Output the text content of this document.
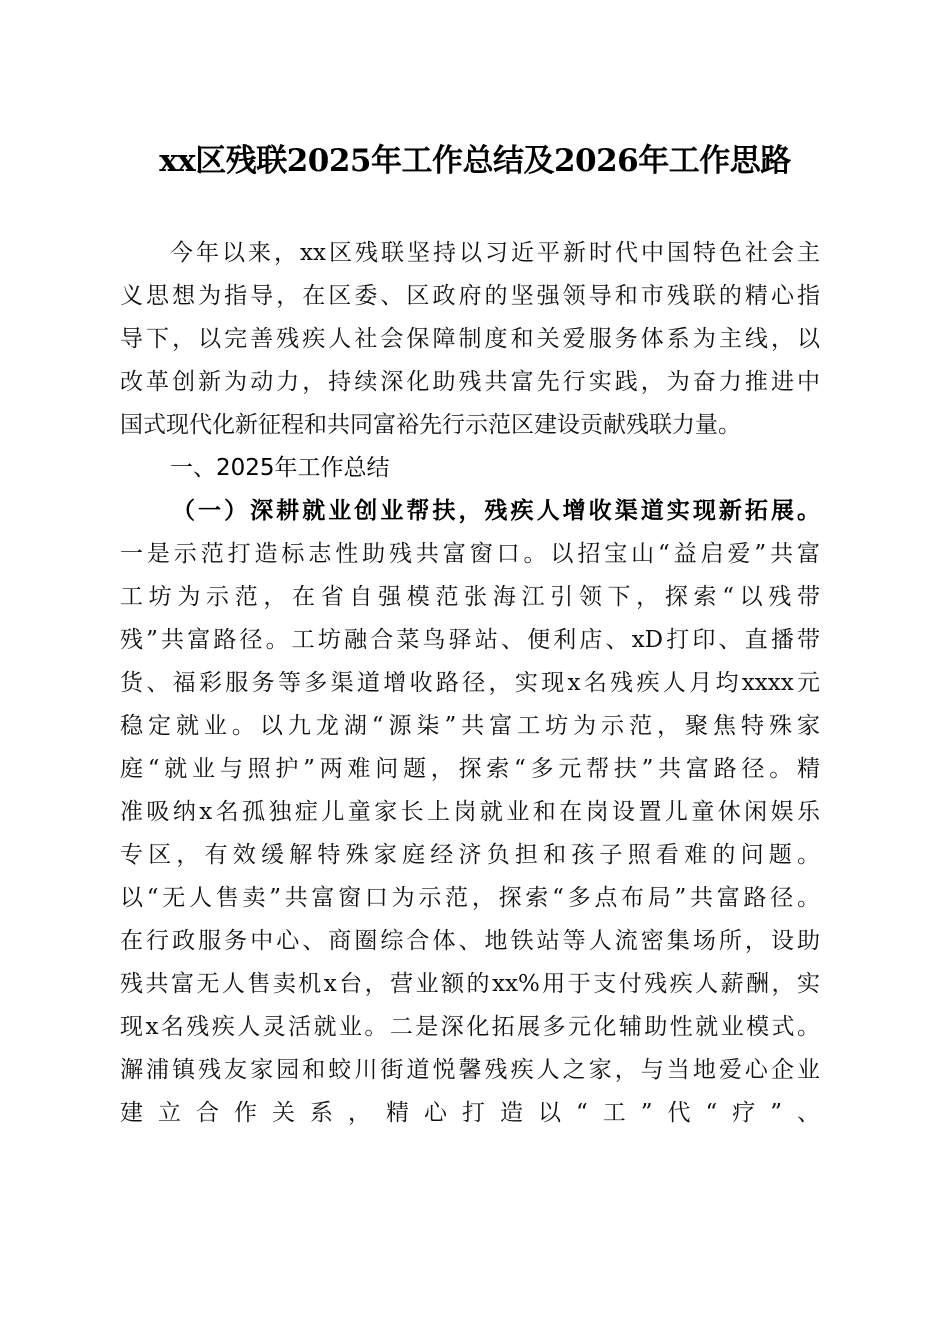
xx区残联2025年工作总结及2026年工作思路
今年以来，xx区残联坚持以习近平新时代中国特色社会主
义思想为指导，在区委、区政府的坚强领导和市残联的精心指
导下，以完善残疾人社会保障制度和关爱服务体系为主线，以
改革创新为动力，持续深化助残共富先行实践，为奋力推进中
国式现代化新征程和共同富裕先行示范区建设贡献残联力量。
一、2025年工作总结
（一）深耕就业创业帮扶，残疾人增收渠道实现新拓展。
一是示范打造标志性助残共富窗口。以招宝山“益启爱”共富
工坊为示范，在省自强模范张海江引领下，探索“以残带
残”共富路径。工坊融合菜鸟驿站、便利店、xD打印、直播带
货、福彩服务等多渠道增收路径，实现x名残疾人月均xxxx元
稳定就业。以九龙湖“源柒”共富工坊为示范，聚焦特殊家
庭“就业与照护”两难问题，探索“多元帮扶”共富路径。精
准吸纳x名孤独症儿童家长上岗就业和在岗设置儿童休闲娱乐
专区，有效缓解特殊家庭经济负担和孩子照看难的问题。
以“无人售卖”共富窗口为示范，探索“多点布局”共富路径。
在行政服务中心、商圈综合体、地铁站等人流密集场所，设助
残共富无人售卖机x台，营业额的xx%用于支付残疾人薪酬，实
现x名残疾人灵活就业。二是深化拓展多元化辅助性就业模式。
澥浦镇残友家园和蛟川街道悦馨残疾人之家，与当地爱心企业
建立合作关系，精心打造以“工”代“疗”、
